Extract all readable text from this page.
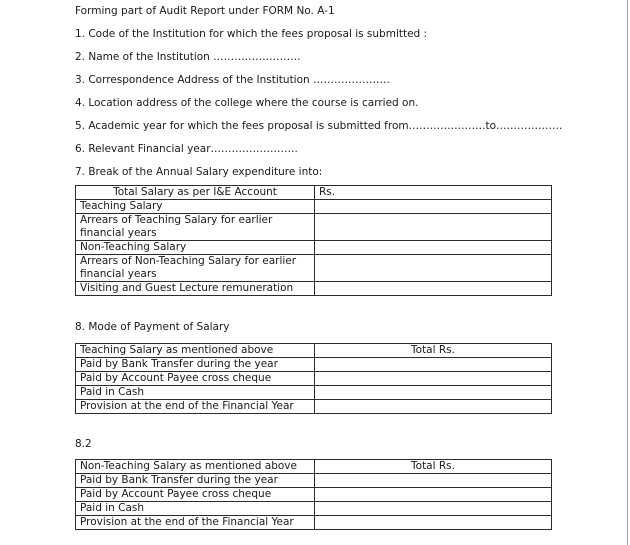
Forming part of Audit Report under FORM No. A-1
1. Code of the Institution for which the fees proposal is submitted :
2. Name of the Institution …………………….
3. Correspondence Address of the Institution ………………….
4. Location address of the college where the course is carried on.
5. Academic year for which the fees proposal is submitted from………………….to……………….
6. Relevant Financial year…………………….
7. Break of the Annual Salary expenditure into:
Total Salary as per I&E Account	Rs.
Teaching Salary	
Arrears of Teaching Salary for earlier financial years	
Non-Teaching Salary	
Arrears of Non-Teaching Salary for earlier financial years	
Visiting and Guest Lecture remuneration	
8. Mode of Payment of Salary
Teaching Salary as mentioned above	Total Rs.
Paid by Bank Transfer during the year	
Paid by Account Payee cross cheque	
Paid in Cash	
Provision at the end of the Financial Year	
8.2
Non-Teaching Salary as mentioned above	Total Rs.
Paid by Bank Transfer during the year	
Paid by Account Payee cross cheque	
Paid in Cash	
Provision at the end of the Financial Year	
